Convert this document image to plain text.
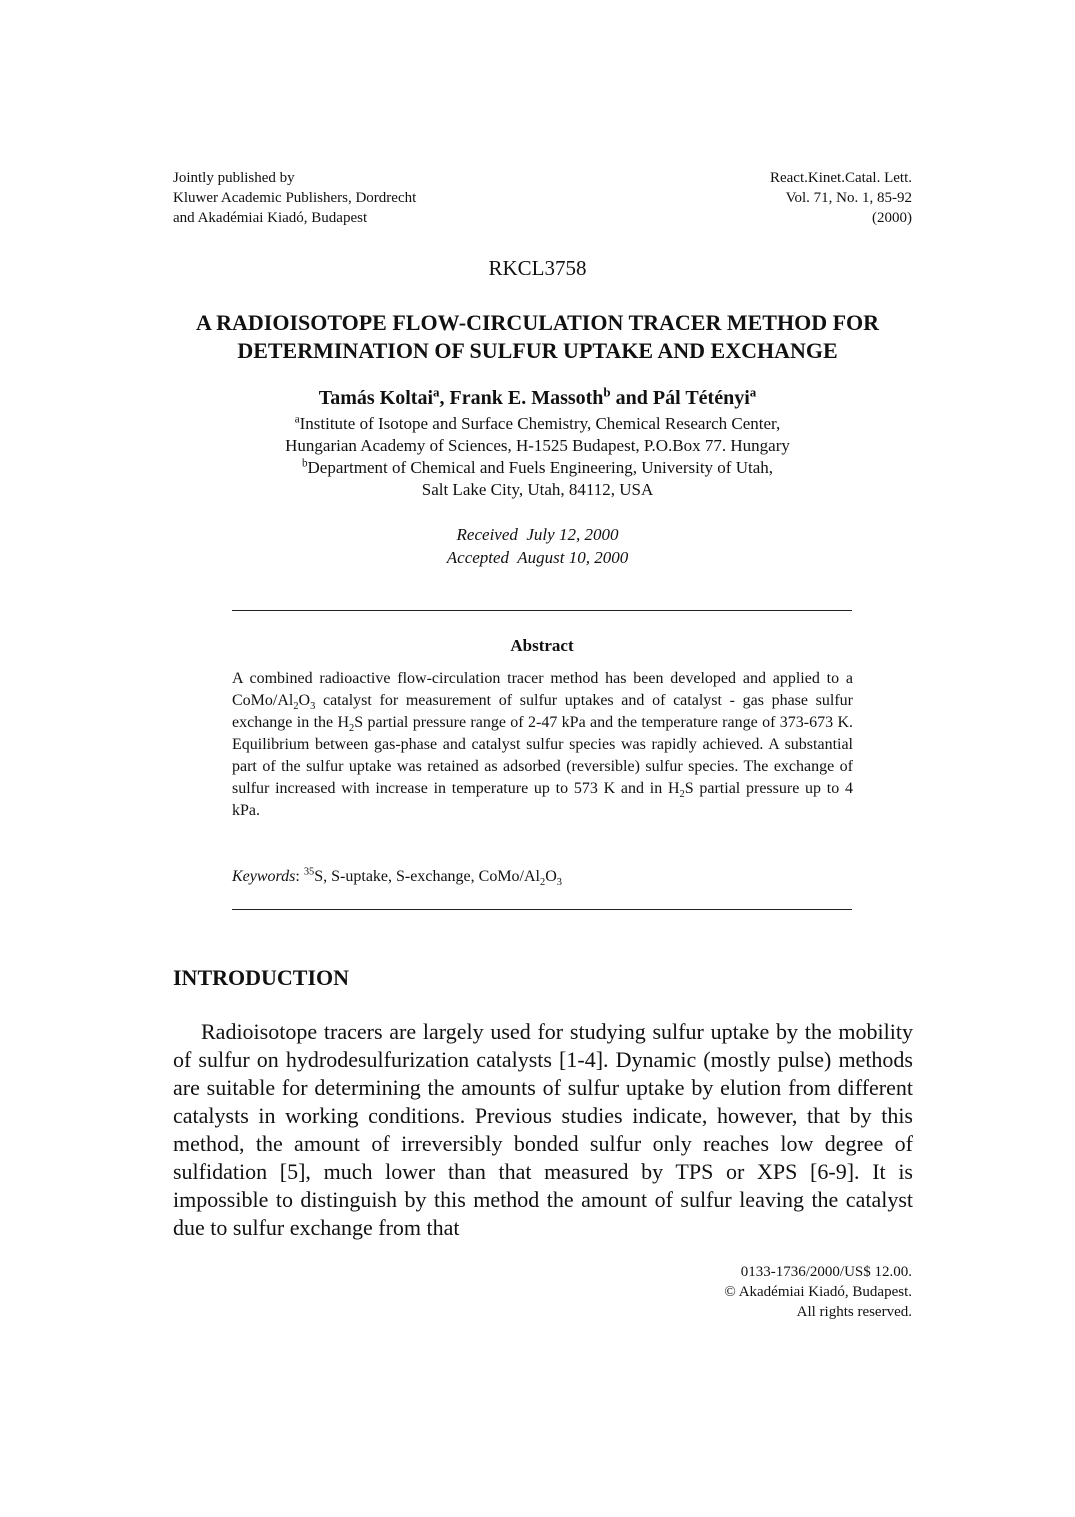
Jointly published by
Kluwer Academic Publishers, Dordrecht
and Akadémiai Kiadó, Budapest
React.Kinet.Catal. Lett.
Vol. 71, No. 1, 85-92
(2000)
RKCL3758
A RADIOISOTOPE FLOW-CIRCULATION TRACER METHOD FOR
DETERMINATION OF SULFUR UPTAKE AND EXCHANGE
Tamás Koltai$^a$, Frank E. Massoth$^b$ and Pál Tétényi$^a$
$^a$Institute of Isotope and Surface Chemistry, Chemical Research Center,
Hungarian Academy of Sciences, H-1525 Budapest, P.O.Box 77. Hungary
$^b$Department of Chemical and Fuels Engineering, University of Utah,
Salt Lake City, Utah, 84112, USA
Received  July 12, 2000
Accepted  August 10, 2000
Abstract
A combined radioactive flow-circulation tracer method has been developed and applied to a CoMo/$Al_2O_3$ catalyst for measurement of sulfur uptakes and of catalyst - gas phase sulfur exchange in the $H_2S$ partial pressure range of 2-47 kPa and the temperature range of 373-673 K. Equilibrium between gas-phase and catalyst sulfur species was rapidly achieved. A substantial part of the sulfur uptake was retained as adsorbed (reversible) sulfur species. The exchange of sulfur increased with increase in temperature up to 573 K and in $H_2S$ partial pressure up to 4 kPa.
Keywords: $^{35}$S, S-uptake, S-exchange, CoMo/$Al_2O_3$
INTRODUCTION
Radioisotope tracers are largely used for studying sulfur uptake by the mobility of sulfur on hydrodesulfurization catalysts [1-4]. Dynamic (mostly pulse) methods are suitable for determining the amounts of sulfur uptake by elution from different catalysts in working conditions. Previous studies indicate, however, that by this method, the amount of irreversibly bonded sulfur only reaches low degree of sulfidation [5], much lower than that measured by TPS or XPS [6-9]. It is impossible to distinguish by this method the amount of sulfur leaving the catalyst due to sulfur exchange from that
0133-1736/2000/US$ 12.00.
© Akadémiai Kiadó, Budapest.
All rights reserved.
